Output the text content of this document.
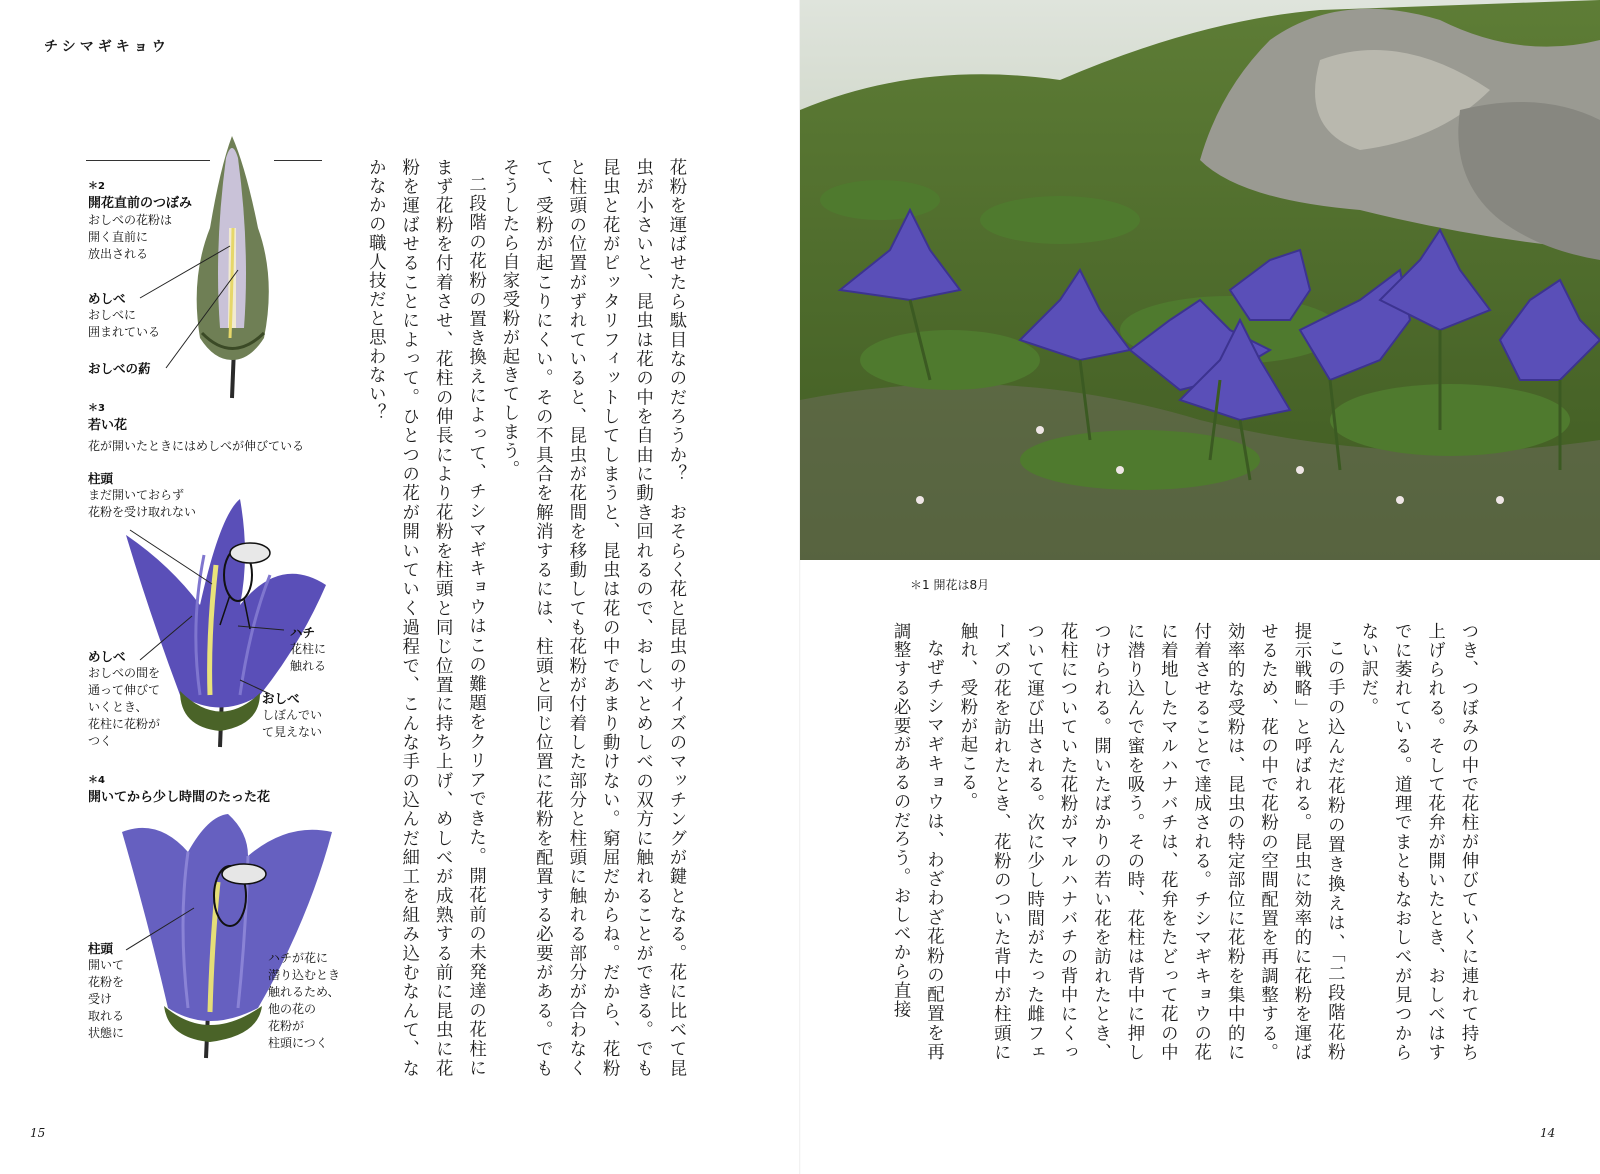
チシマギキョウ
＊2
開花直前のつぼみ
おしべの花粉は
開く直前に
放出される
めしべ
おしべに
囲まれている
おしべの葯
＊3
若い花
花が開いたときにはめしべが伸びている
柱頭
まだ開いておらず
花粉を受け取れない
ハチ
花柱に
触れる
めしべ
おしべの間を
通って伸びて
いくとき、
花柱に花粉が
つく
おしべ
しぼんでい
て見えない
＊4
開いてから少し時間のたった花
柱頭
開いて
花粉を
受け
取れる
状態に
ハチが花に
潜り込むとき
触れるため、
他の花の
花粉が
柱頭につく	花粉を運ばせたら駄目なのだろうか？　おそらく花と昆虫のサイズのマッチングが鍵となる。花に比べて昆虫が小さいと、昆虫は花の中を自由に動き回れるので、おしべとめしべの双方に触れることができる。でも昆虫と花がピッタリフィットしてしまうと、昆虫は花の中であまり動けない。窮屈だからね。だから、花粉と柱頭の位置がずれていると、昆虫が花間を移動しても花粉が付着した部分と柱頭に触れる部分が合わなくて、受粉が起こりにくい。その不具合を解消するには、柱頭と同じ位置に花粉を配置する必要がある。でもそうしたら自家受粉が起きてしまう。

二段階の花粉の置き換えによって、チシマギキョウはこの難題をクリアできた。開花前の未発達の花柱にまず花粉を付着させ、花柱の伸長により花粉を柱頭と同じ位置に持ち上げ、めしべが成熟する前に昆虫に花粉を運ばせることによって。ひとつの花が開いていく過程で、こんな手の込んだ細工を組み込むなんて、なかなかの職人技だと思わない？

15
＊1 開花は8月

つき、つぼみの中で花柱が伸びていくに連れて持ち上げられる。そして花弁が開いたとき、おしべはすでに萎れている。道理でまともなおしべが見つからない訳だ。

この手の込んだ花粉の置き換えは、「二段階花粉提示戦略」と呼ばれる。昆虫に効率的に花粉を運ばせるため、花の中で花粉の空間配置を再調整する。効率的な受粉は、昆虫の特定部位に花粉を集中的に付着させることで達成される。チシマギキョウの花に着地したマルハナバチは、花弁をたどって花の中に潜り込んで蜜を吸う。その時、花柱は背中に押しつけられる。開いたばかりの若い花を訪れたとき、花柱についていた花粉がマルハナバチの背中にくっついて運び出される。次に少し時間がたった雌フェーズの花を訪れたとき、花粉のついた背中が柱頭に触れ、受粉が起こる。

なぜチシマギキョウは、わざわざ花粉の配置を再調整する必要があるのだろう。おしべから直接

14
